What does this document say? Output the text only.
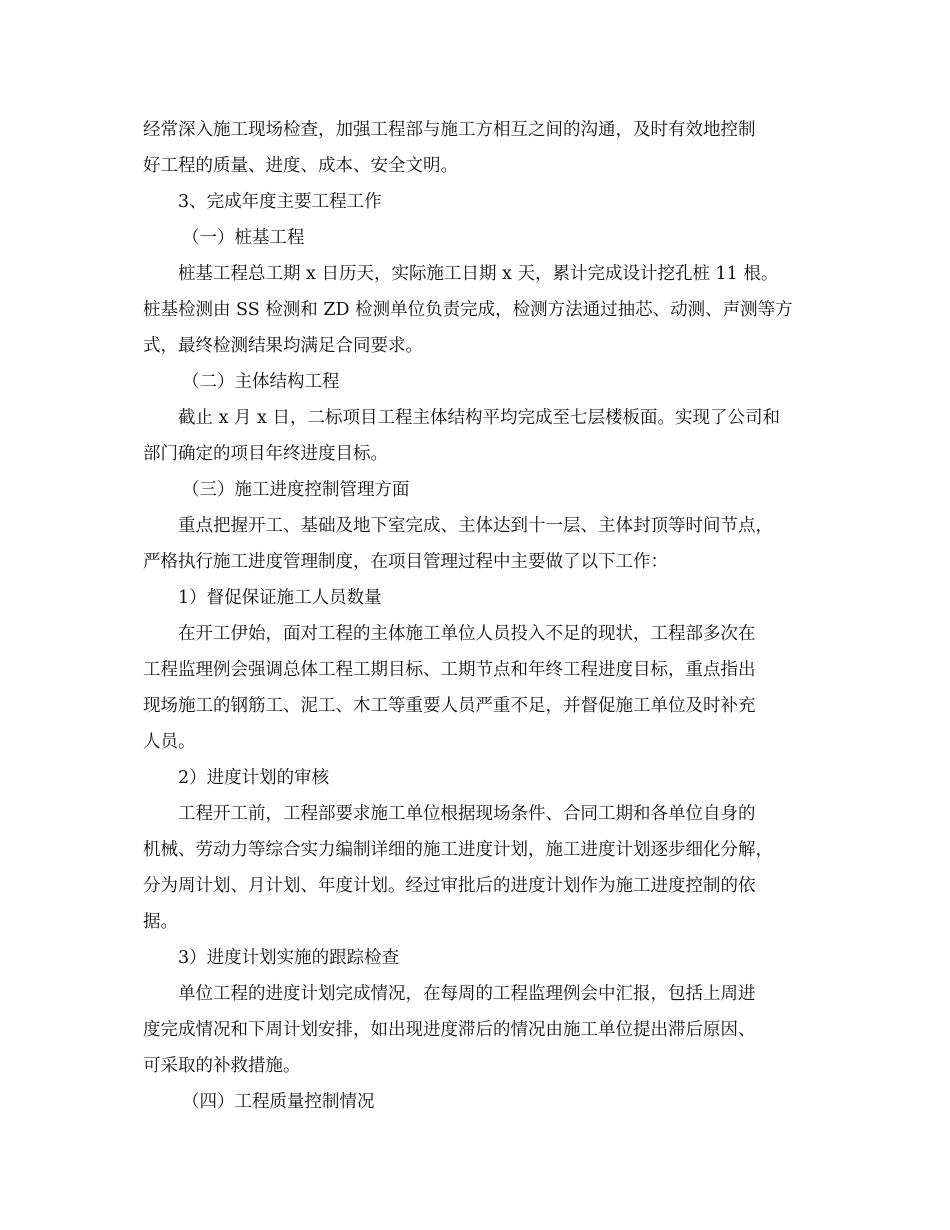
经常深入施工现场检查，加强工程部与施工方相互之间的沟通，及时有效地控制
好工程的质量、进度、成本、安全文明。
3、完成年度主要工程工作
（一）桩基工程
桩基工程总工期 x 日历天，实际施工日期 x 天，累计完成设计挖孔桩 11 根。
桩基检测由 SS 检测和 ZD 检测单位负责完成，检测方法通过抽芯、动测、声测等方
式，最终检测结果均满足合同要求。
（二）主体结构工程
截止 x 月 x 日，二标项目工程主体结构平均完成至七层楼板面。实现了公司和
部门确定的项目年终进度目标。
（三）施工进度控制管理方面
重点把握开工、基础及地下室完成、主体达到十一层、主体封顶等时间节点，
严格执行施工进度管理制度，在项目管理过程中主要做了以下工作：
1）督促保证施工人员数量
在开工伊始，面对工程的主体施工单位人员投入不足的现状，工程部多次在
工程监理例会强调总体工程工期目标、工期节点和年终工程进度目标，重点指出
现场施工的钢筋工、泥工、木工等重要人员严重不足，并督促施工单位及时补充
人员。
2）进度计划的审核
工程开工前，工程部要求施工单位根据现场条件、合同工期和各单位自身的
机械、劳动力等综合实力编制详细的施工进度计划，施工进度计划逐步细化分解，
分为周计划、月计划、年度计划。经过审批后的进度计划作为施工进度控制的依
据。
3）进度计划实施的跟踪检查
单位工程的进度计划完成情况，在每周的工程监理例会中汇报，包括上周进
度完成情况和下周计划安排，如出现进度滞后的情况由施工单位提出滞后原因、
可采取的补救措施。
（四）工程质量控制情况
